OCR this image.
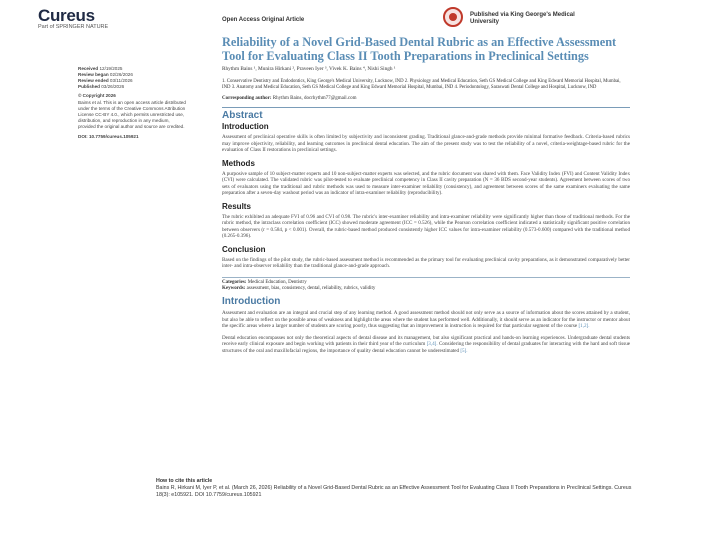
Cureus
Part of SPRINGER NATURE
Open Access Original Article
Published via King George's Medical University
Received 12/19/2025
Review began 02/26/2026
Review ended 03/11/2026
Published 03/26/2026
© Copyright 2026
Baims et al. This is an open access article distributed under the terms of the Creative Commons Attribution License CC-BY 4.0., which permits unrestricted use, distribution, and reproduction in any medium, provided the original author and source are credited.
DOI: 10.7759/cureus.105921
Reliability of a Novel Grid-Based Dental Rubric as an Effective Assessment Tool for Evaluating Class II Tooth Preparations in Preclinical Settings
Rhythm Bains ¹, Munira Hirkani ², Praveen Iyer ³, Vivek K. Bains ⁴, Nishi Singh ¹
1. Conservative Dentistry and Endodontics, King George's Medical University, Lucknow, IND 2. Physiology and Medical Education, Seth GS Medical College and King Edward Memorial Hospital, Mumbai, IND 3. Anatomy and Medical Education, Seth GS Medical College and King Edward Memorial Hospital, Mumbai, IND 4. Periodontology, Saraswati Dental College and Hospital, Lucknow, IND
Corresponding author: Rhythm Bains, docrhythm77@gmail.com
Abstract
Introduction
Assessment of preclinical operative skills is often limited by subjectivity and inconsistent grading. Traditional glance-and-grade methods provide minimal formative feedback. Criteria-based rubrics may improve objectivity, reliability, and learning outcomes in preclinical dental education. The aim of the present study was to test the reliability of a novel, criteria-weightage-based rubric for the evaluation of Class II restorations in preclinical settings.
Methods
A purposive sample of 10 subject-matter experts and 10 non-subject-matter experts was selected, and the rubric document was shared with them. Face Validity Index (FVI) and Content Validity Index (CVI) were calculated. The validated rubric was pilot-tested to evaluate preclinical competency in Class II cavity preparation (N = 36 BDS second-year students). Agreement between scores of two sets of evaluators using the traditional and rubric methods was used to measure inter-examiner reliability (consistency), and agreement between scores of the same examiners evaluating the same preparation after a seven-day washout period was an indicator of intra-examiner reliability (reproducibility).
Results
The rubric exhibited an adequate FVI of 0.96 and CVI of 0.98. The rubric's inter-examiner reliability and intra-examiner reliability were significantly higher than those of traditional methods. For the rubric method, the intraclass correlation coefficient (ICC) showed moderate agreement (ICC = 0.526), while the Pearson correlation coefficient indicated a statistically significant positive correlation between observers (r = 0.584, p < 0.001). Overall, the rubric-based method produced consistently higher ICC values for intra-examiner reliability (0.573-0.600) compared with the traditional method (0.265-0.396).
Conclusion
Based on the findings of the pilot study, the rubric-based assessment method is recommended as the primary tool for evaluating preclinical cavity preparations, as it demonstrated comparatively better inter- and intra-observer reliability than the traditional glance-and-grade approach.
Categories: Medical Education, Dentistry
Keywords: assessment, bias, consistency, dental, reliability, rubrics, validity
Introduction
Assessment and evaluation are an integral and crucial step of any learning method. A good assessment method should not only serve as a source of information about the scores attained by a student, but also be able to reflect on the possible areas of weakness and highlight the areas where the student has performed well. Additionally, it should serve as an indicator for the instructor or mentor about the specific areas where a larger number of students are scoring poorly, thus suggesting that an improvement in instruction is required for that particular segment of the course [1,2].
Dental education encompasses not only the theoretical aspects of dental disease and its management, but also significant practical and hands-on learning experiences. Undergraduate dental students receive early clinical exposure and begin working with patients in their third year of the curriculum [3,4]. Considering the responsibility of dental graduates for interacting with the hard and soft tissue structures of the oral and maxillofacial regions, the importance of quality dental education cannot be underestimated [5].
How to cite this article
Bains R, Hirkani M, Iyer P, et al. (March 26, 2026) Reliability of a Novel Grid-Based Dental Rubric as an Effective Assessment Tool for Evaluating Class II Tooth Preparations in Preclinical Settings. Cureus 18(3): e105921. DOI 10.7759/cureus.105921
